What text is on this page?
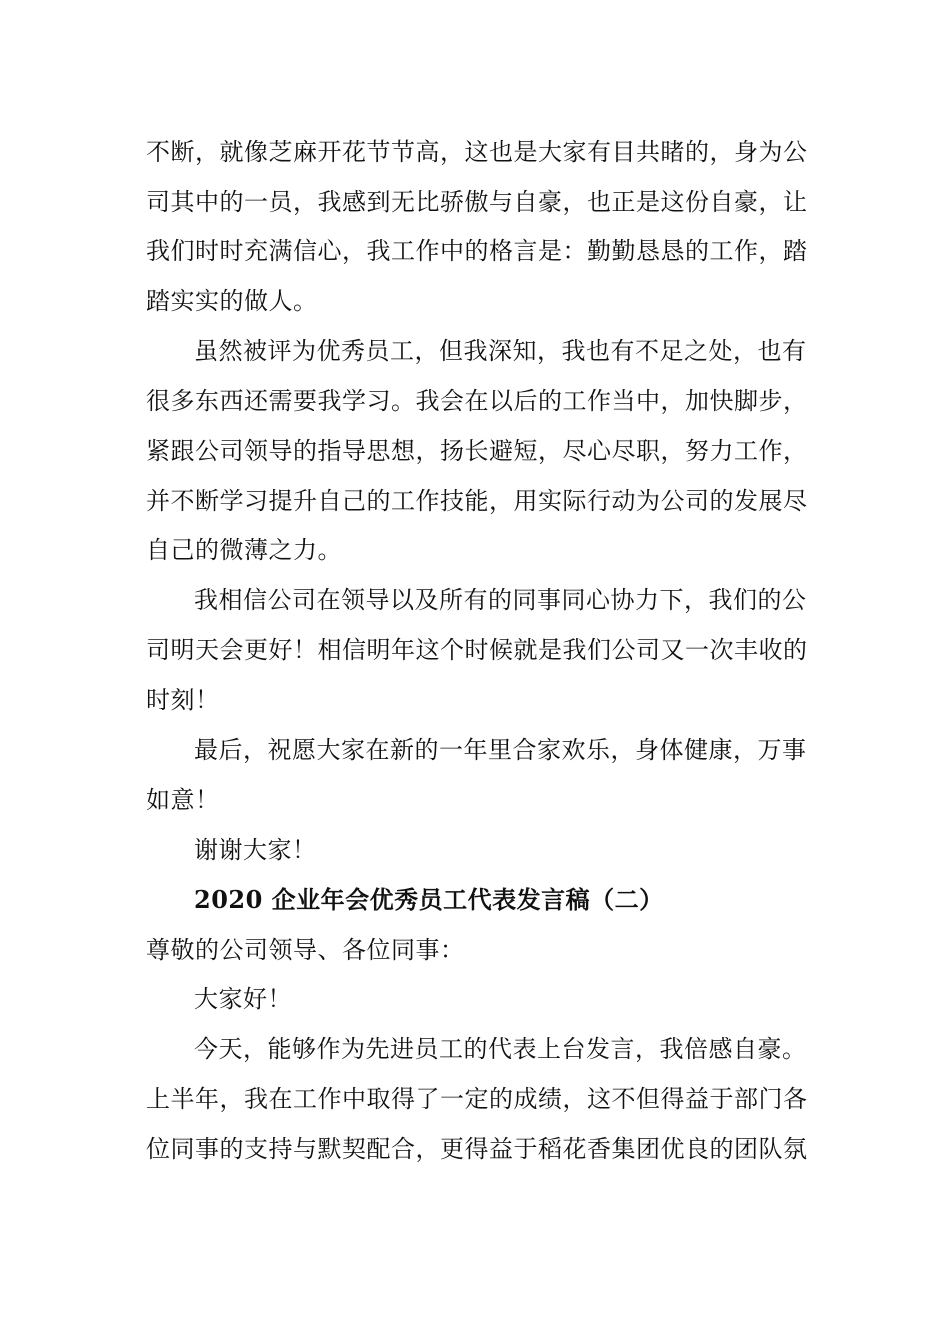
不断，就像芝麻开花节节高，这也是大家有目共睹的，身为公
司其中的一员，我感到无比骄傲与自豪，也正是这份自豪，让
我们时时充满信心，我工作中的格言是：勤勤恳恳的工作，踏
踏实实的做人。
虽然被评为优秀员工，但我深知，我也有不足之处，也有
很多东西还需要我学习。我会在以后的工作当中，加快脚步，
紧跟公司领导的指导思想，扬长避短，尽心尽职，努力工作，
并不断学习提升自己的工作技能，用实际行动为公司的发展尽
自己的微薄之力。
我相信公司在领导以及所有的同事同心协力下，我们的公
司明天会更好！相信明年这个时候就是我们公司又一次丰收的
时刻！
最后，祝愿大家在新的一年里合家欢乐，身体健康，万事
如意！
谢谢大家！
2020 企业年会优秀员工代表发言稿（二）
尊敬的公司领导、各位同事：
大家好！
今天，能够作为先进员工的代表上台发言，我倍感自豪。
上半年，我在工作中取得了一定的成绩，这不但得益于部门各
位同事的支持与默契配合，更得益于稻花香集团优良的团队氛
